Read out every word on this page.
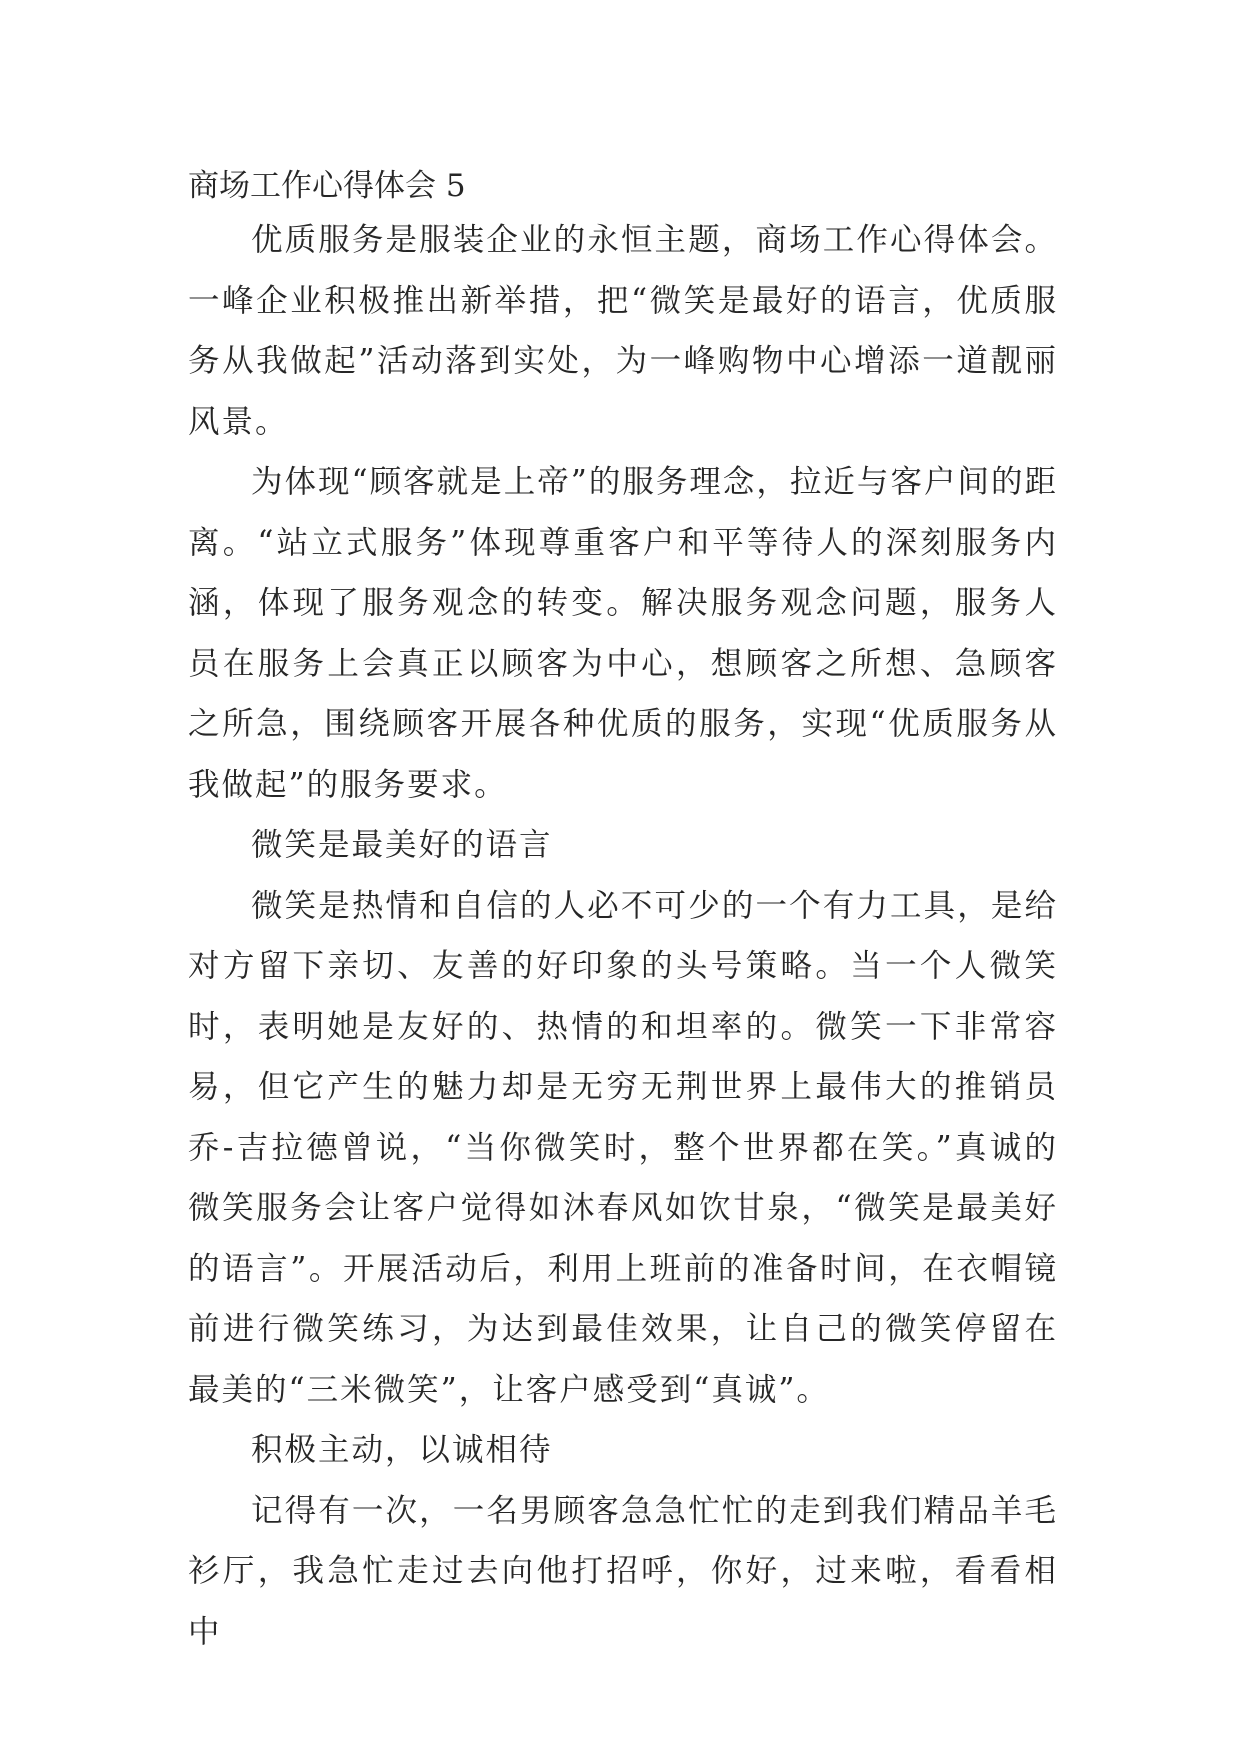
商场工作心得体会 5

优质服务是服装企业的永恒主题，商场工作心得体会。一峰企业积极推出新举措，把“微笑是最好的语言，优质服务从我做起”活动落到实处，为一峰购物中心增添一道靓丽风景。

为体现“顾客就是上帝”的服务理念，拉近与客户间的距离。“站立式服务”体现尊重客户和平等待人的深刻服务内涵，体现了服务观念的转变。解决服务观念问题，服务人员在服务上会真正以顾客为中心，想顾客之所想、急顾客之所急，围绕顾客开展各种优质的服务，实现“优质服务从我做起”的服务要求。

微笑是最美好的语言

微笑是热情和自信的人必不可少的一个有力工具，是给对方留下亲切、友善的好印象的头号策略。当一个人微笑时，表明她是友好的、热情的和坦率的。微笑一下非常容易，但它产生的魅力却是无穷无荆世界上最伟大的推销员乔-吉拉德曾说，“当你微笑时，整个世界都在笑。”真诚的微笑服务会让客户觉得如沐春风如饮甘泉，“微笑是最美好的语言”。开展活动后，利用上班前的准备时间，在衣帽镜前进行微笑练习，为达到最佳效果，让自己的微笑停留在最美的“三米微笑”，让客户感受到“真诚”。

积极主动，以诚相待

记得有一次，一名男顾客急急忙忙的走到我们精品羊毛衫厅，我急忙走过去向他打招呼，你好，过来啦，看看相中
